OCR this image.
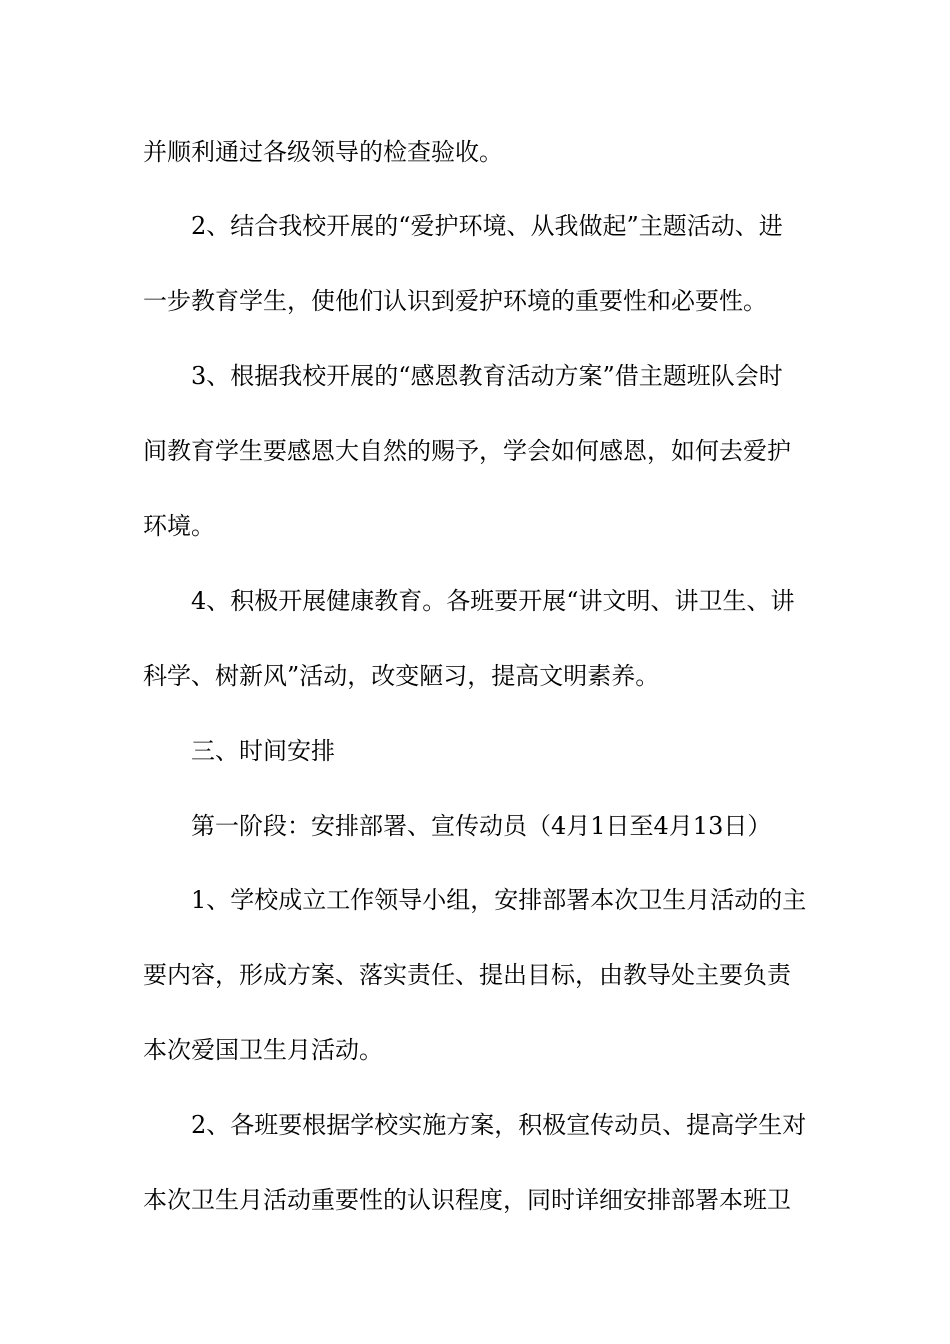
并顺利通过各级领导的检查验收。
2、结合我校开展的“爱护环境、从我做起”主题活动、进
一步教育学生，使他们认识到爱护环境的重要性和必要性。
3、根据我校开展的“感恩教育活动方案”借主题班队会时
间教育学生要感恩大自然的赐予，学会如何感恩，如何去爱护
环境。
4、积极开展健康教育。各班要开展“讲文明、讲卫生、讲
科学、树新风”活动，改变陋习，提高文明素养。
三、时间安排
第一阶段：安排部署、宣传动员（4月1日至4月13日）
1、学校成立工作领导小组，安排部署本次卫生月活动的主
要内容，形成方案、落实责任、提出目标，由教导处主要负责
本次爱国卫生月活动。
2、各班要根据学校实施方案，积极宣传动员、提高学生对
本次卫生月活动重要性的认识程度，同时详细安排部署本班卫
